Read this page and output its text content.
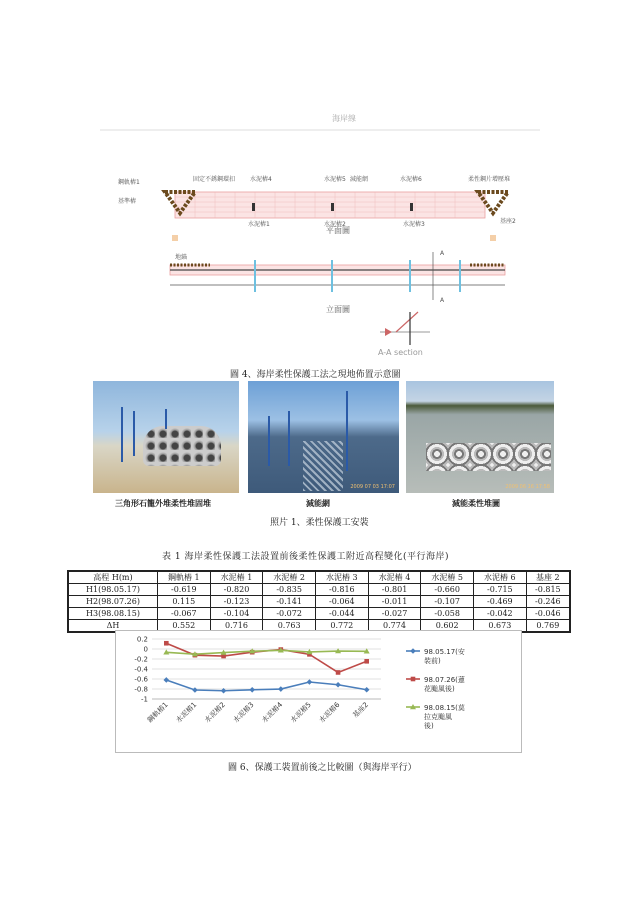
海岸線
鋼軌樁1
基準樁
固定不銹鋼環扣 水泥樁4	水泥樁5 減能網	水泥樁6	柔性鋼片增壓堆
水泥樁1	水泥樁2	水泥樁3	基座2
平面圖
地錨
A
A
立面圖
A-A section
圖 4、海岸柔性保護工法之現地佈置示意圖
2009 07 03 17:07	2009 06 16 17:58
三角形石籠外堆柔性堆固堆	減能網	減能柔性堆圖
照片 1、柔性保護工安裝
表 1 海岸柔性保護工法設置前後柔性保護工附近高程變化(平行海岸)
高程 H(m)	鋼軌樁 1	水泥樁 1	水泥樁 2	水泥樁 3	水泥樁 4	水泥樁 5	水泥樁 6	基座 2
H1(98.05.17)	-0.619	-0.820	-0.835	-0.816	-0.801	-0.660	-0.715	-0.815
H2(98.07.26)	0.115	-0.123	-0.141	-0.064	-0.011	-0.107	-0.469	-0.246
H3(98.08.15)	-0.067	-0.104	-0.072	-0.044	-0.027	-0.058	-0.042	-0.046
ΔH	0.552	0.716	0.763	0.772	0.774	0.602	0.673	0.769
0.2
0
-0.2
-0.4
-0.6
-0.8
-1
鋼軌樁1 水泥樁1 水泥樁2 水泥樁3 水泥樁4 水泥樁5 水泥樁6 基座2
98.05.17(安
裝前)
98.07.26(蓮
花颱風後)
98.08.15(莫
拉克颱風
後)
圖 6、保護工裝置前後之比較圖（與海岸平行）
